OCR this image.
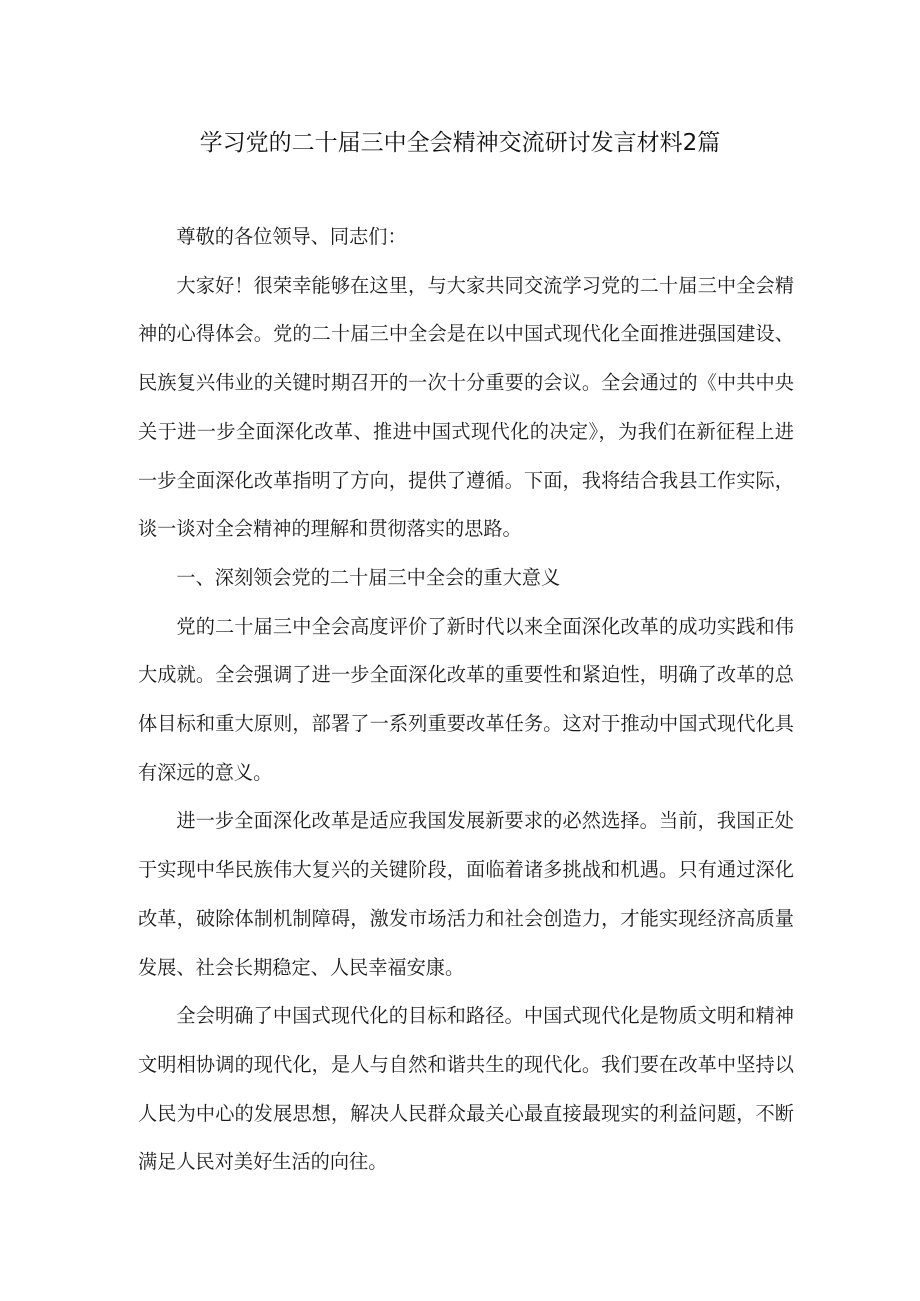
学习党的二十届三中全会精神交流研讨发言材料2篇

尊敬的各位领导、同志们：

大家好！很荣幸能够在这里，与大家共同交流学习党的二十届三中全会精神的心得体会。党的二十届三中全会是在以中国式现代化全面推进强国建设、民族复兴伟业的关键时期召开的一次十分重要的会议。全会通过的《中共中央关于进一步全面深化改革、推进中国式现代化的决定》，为我们在新征程上进一步全面深化改革指明了方向，提供了遵循。下面，我将结合我县工作实际，谈一谈对全会精神的理解和贯彻落实的思路。

一、深刻领会党的二十届三中全会的重大意义

党的二十届三中全会高度评价了新时代以来全面深化改革的成功实践和伟大成就。全会强调了进一步全面深化改革的重要性和紧迫性，明确了改革的总体目标和重大原则，部署了一系列重要改革任务。这对于推动中国式现代化具有深远的意义。

进一步全面深化改革是适应我国发展新要求的必然选择。当前，我国正处于实现中华民族伟大复兴的关键阶段，面临着诸多挑战和机遇。只有通过深化改革，破除体制机制障碍，激发市场活力和社会创造力，才能实现经济高质量发展、社会长期稳定、人民幸福安康。

全会明确了中国式现代化的目标和路径。中国式现代化是物质文明和精神文明相协调的现代化，是人与自然和谐共生的现代化。我们要在改革中坚持以人民为中心的发展思想，解决人民群众最关心最直接最现实的利益问题，不断满足人民对美好生活的向往。
